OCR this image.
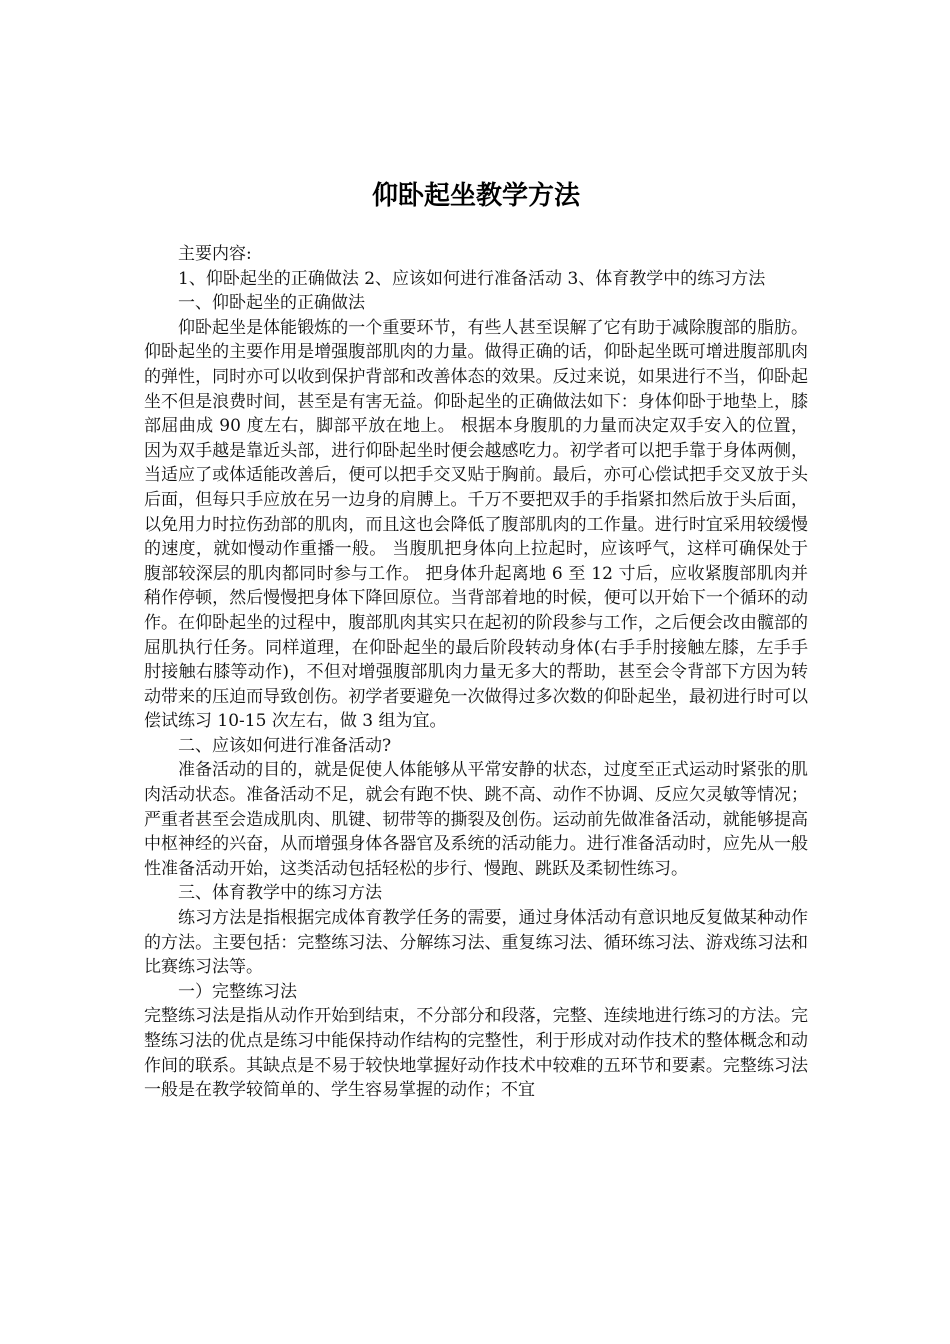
仰卧起坐教学方法

主要内容:

1、仰卧起坐的正确做法 2、应该如何进行准备活动 3、体育教学中的练习方法

一、仰卧起坐的正确做法

仰卧起坐是体能锻炼的一个重要环节，有些人甚至误解了它有助于减除腹部的脂肪。仰卧起坐的主要作用是增强腹部肌肉的力量。做得正确的话，仰卧起坐既可增进腹部肌肉的弹性，同时亦可以收到保护背部和改善体态的效果。反过来说，如果进行不当，仰卧起坐不但是浪费时间，甚至是有害无益。仰卧起坐的正确做法如下：身体仰卧于地垫上，膝部屈曲成 90 度左右，脚部平放在地上。 根据本身腹肌的力量而决定双手安入的位置，因为双手越是靠近头部，进行仰卧起坐时便会越感吃力。初学者可以把手靠于身体两侧，当适应了或体适能改善后，便可以把手交叉贴于胸前。最后，亦可心偿试把手交叉放于头后面，但每只手应放在另一边身的肩膊上。千万不要把双手的手指紧扣然后放于头后面，以免用力时拉伤劲部的肌肉，而且这也会降低了腹部肌肉的工作量。进行时宜采用较缓慢的速度，就如慢动作重播一般。 当腹肌把身体向上拉起时，应该呼气，这样可确保处于腹部较深层的肌肉都同时参与工作。 把身体升起离地 6 至 12 寸后，应收紧腹部肌肉并稍作停顿，然后慢慢把身体下降回原位。当背部着地的时候，便可以开始下一个循环的动作。在仰卧起坐的过程中，腹部肌肉其实只在起初的阶段参与工作，之后便会改由髋部的屈肌执行任务。同样道理，在仰卧起坐的最后阶段转动身体(右手手肘接触左膝，左手手肘接触右膝等动作)，不但对增强腹部肌肉力量无多大的帮助，甚至会令背部下方因为转动带来的压迫而导致创伤。初学者要避免一次做得过多次数的仰卧起坐，最初进行时可以偿试练习 10-15 次左右，做 3 组为宜。

二、应该如何进行准备活动?

准备活动的目的，就是促使人体能够从平常安静的状态，过度至正式运动时紧张的肌肉活动状态。准备活动不足，就会有跑不快、跳不高、动作不协调、反应欠灵敏等情况；严重者甚至会造成肌肉、肌键、韧带等的撕裂及创伤。运动前先做准备活动，就能够提高中枢神经的兴奋，从而增强身体各器官及系统的活动能力。进行准备活动时，应先从一般性准备活动开始，这类活动包括轻松的步行、慢跑、跳跃及柔韧性练习。

三、体育教学中的练习方法

练习方法是指根据完成体育教学任务的需要，通过身体活动有意识地反复做某种动作的方法。主要包括：完整练习法、分解练习法、重复练习法、循环练习法、游戏练习法和比赛练习法等。

一）完整练习法

完整练习法是指从动作开始到结束，不分部分和段落，完整、连续地进行练习的方法。完整练习法的优点是练习中能保持动作结构的完整性，利于形成对动作技术的整体概念和动作间的联系。其缺点是不易于较快地掌握好动作技术中较难的五环节和要素。完整练习法一般是在教学较简单的、学生容易掌握的动作；不宜
